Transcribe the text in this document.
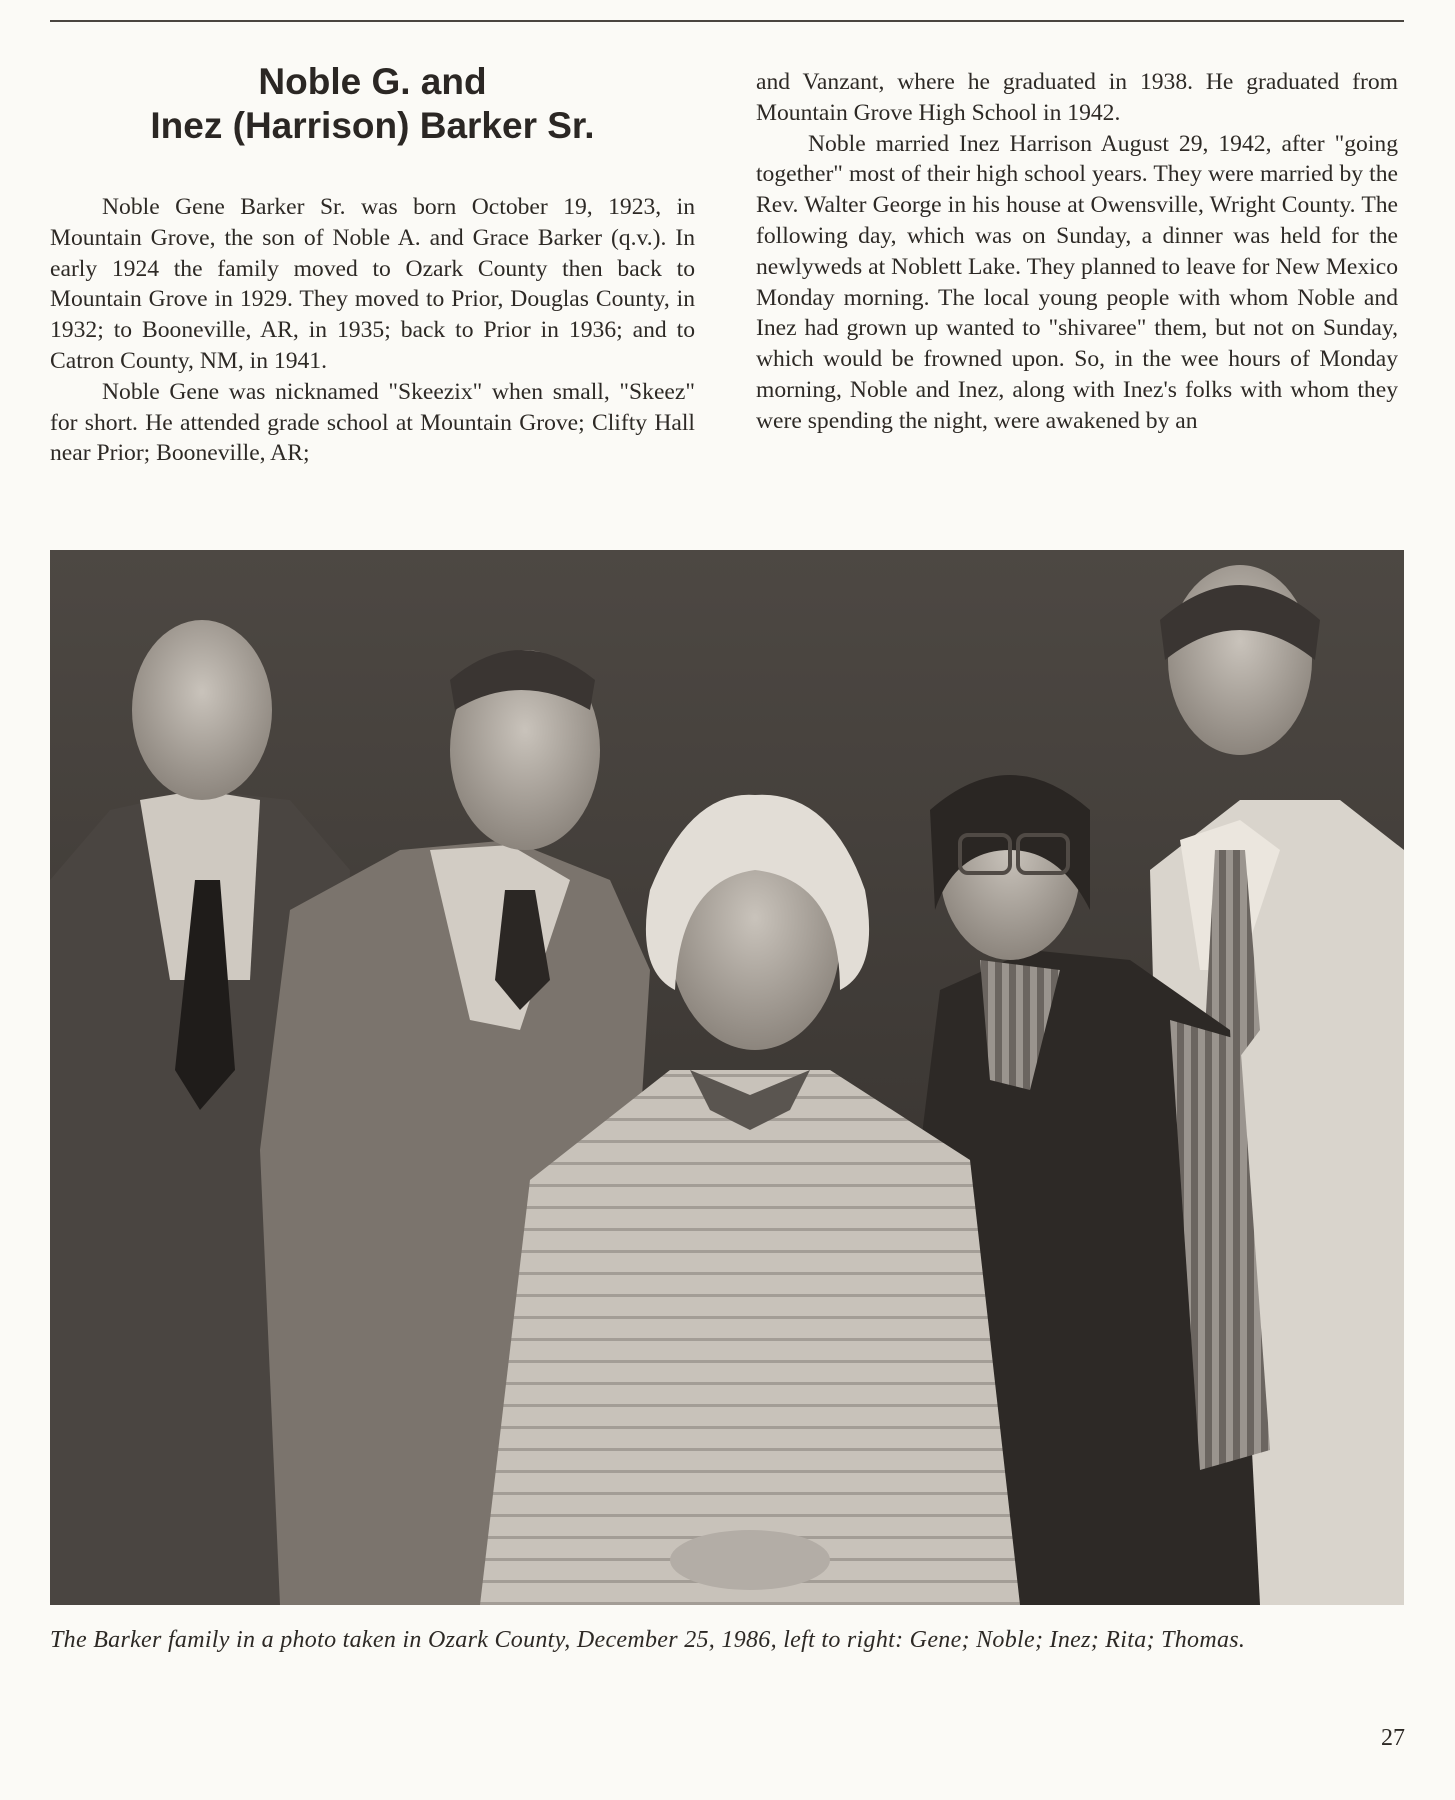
Noble G. and
Inez (Harrison) Barker Sr.

Noble Gene Barker Sr. was born October 19, 1923, in Mountain Grove, the son of Noble A. and Grace Barker (q.v.). In early 1924 the family moved to Ozark County then back to Mountain Grove in 1929. They moved to Prior, Douglas County, in 1932; to Booneville, AR, in 1935; back to Prior in 1936; and to Catron County, NM, in 1941.

Noble Gene was nicknamed "Skeezix" when small, "Skeez" for short. He attended grade school at Mountain Grove; Clifty Hall near Prior; Booneville, AR;

and Vanzant, where he graduated in 1938. He graduated from Mountain Grove High School in 1942.

Noble married Inez Harrison August 29, 1942, after "going together" most of their high school years. They were married by the Rev. Walter George in his house at Owensville, Wright County. The following day, which was on Sunday, a dinner was held for the newlyweds at Noblett Lake. They planned to leave for New Mexico Monday morning. The local young people with whom Noble and Inez had grown up wanted to "shivaree" them, but not on Sunday, which would be frowned upon. So, in the wee hours of Monday morning, Noble and Inez, along with Inez's folks with whom they were spending the night, were awakened by an

The Barker family in a photo taken in Ozark County, December 25, 1986, left to right: Gene; Noble; Inez; Rita; Thomas.
27
